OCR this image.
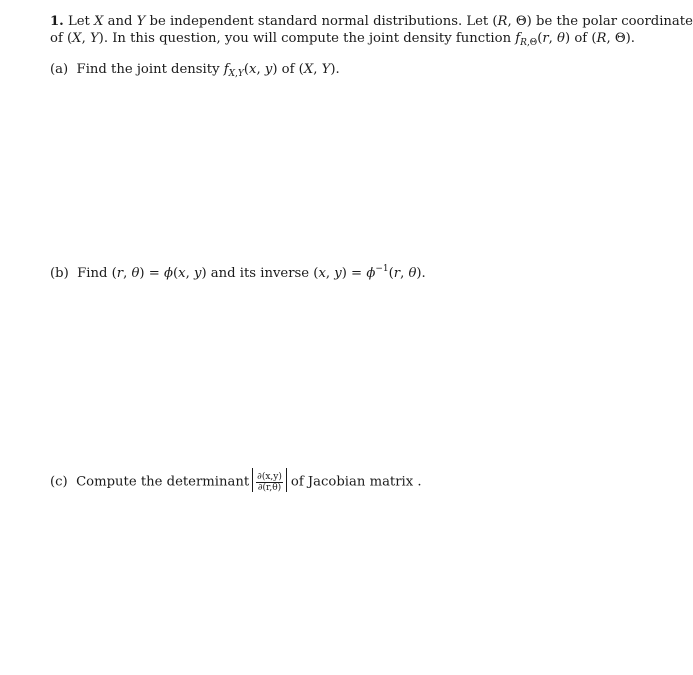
1. Let X and Y be independent standard normal distributions. Let (R, Θ) be the polar coordinate
of (X, Y). In this question, you will compute the joint density function $f_{R,\Theta}(r$, θ) of (R, Θ).
(a)  Find the joint density $f_{X,Y}(x$, y) of (X, Y).
(b)  Find (r, θ) = ϕ(x, y) and its inverse (x, $y) = \phi^{-1}(r$, θ).
(c) Compute the determinant $\frac{\partial(x,y)}{\partial(r,\theta)}$ of Jacobian matrix .
